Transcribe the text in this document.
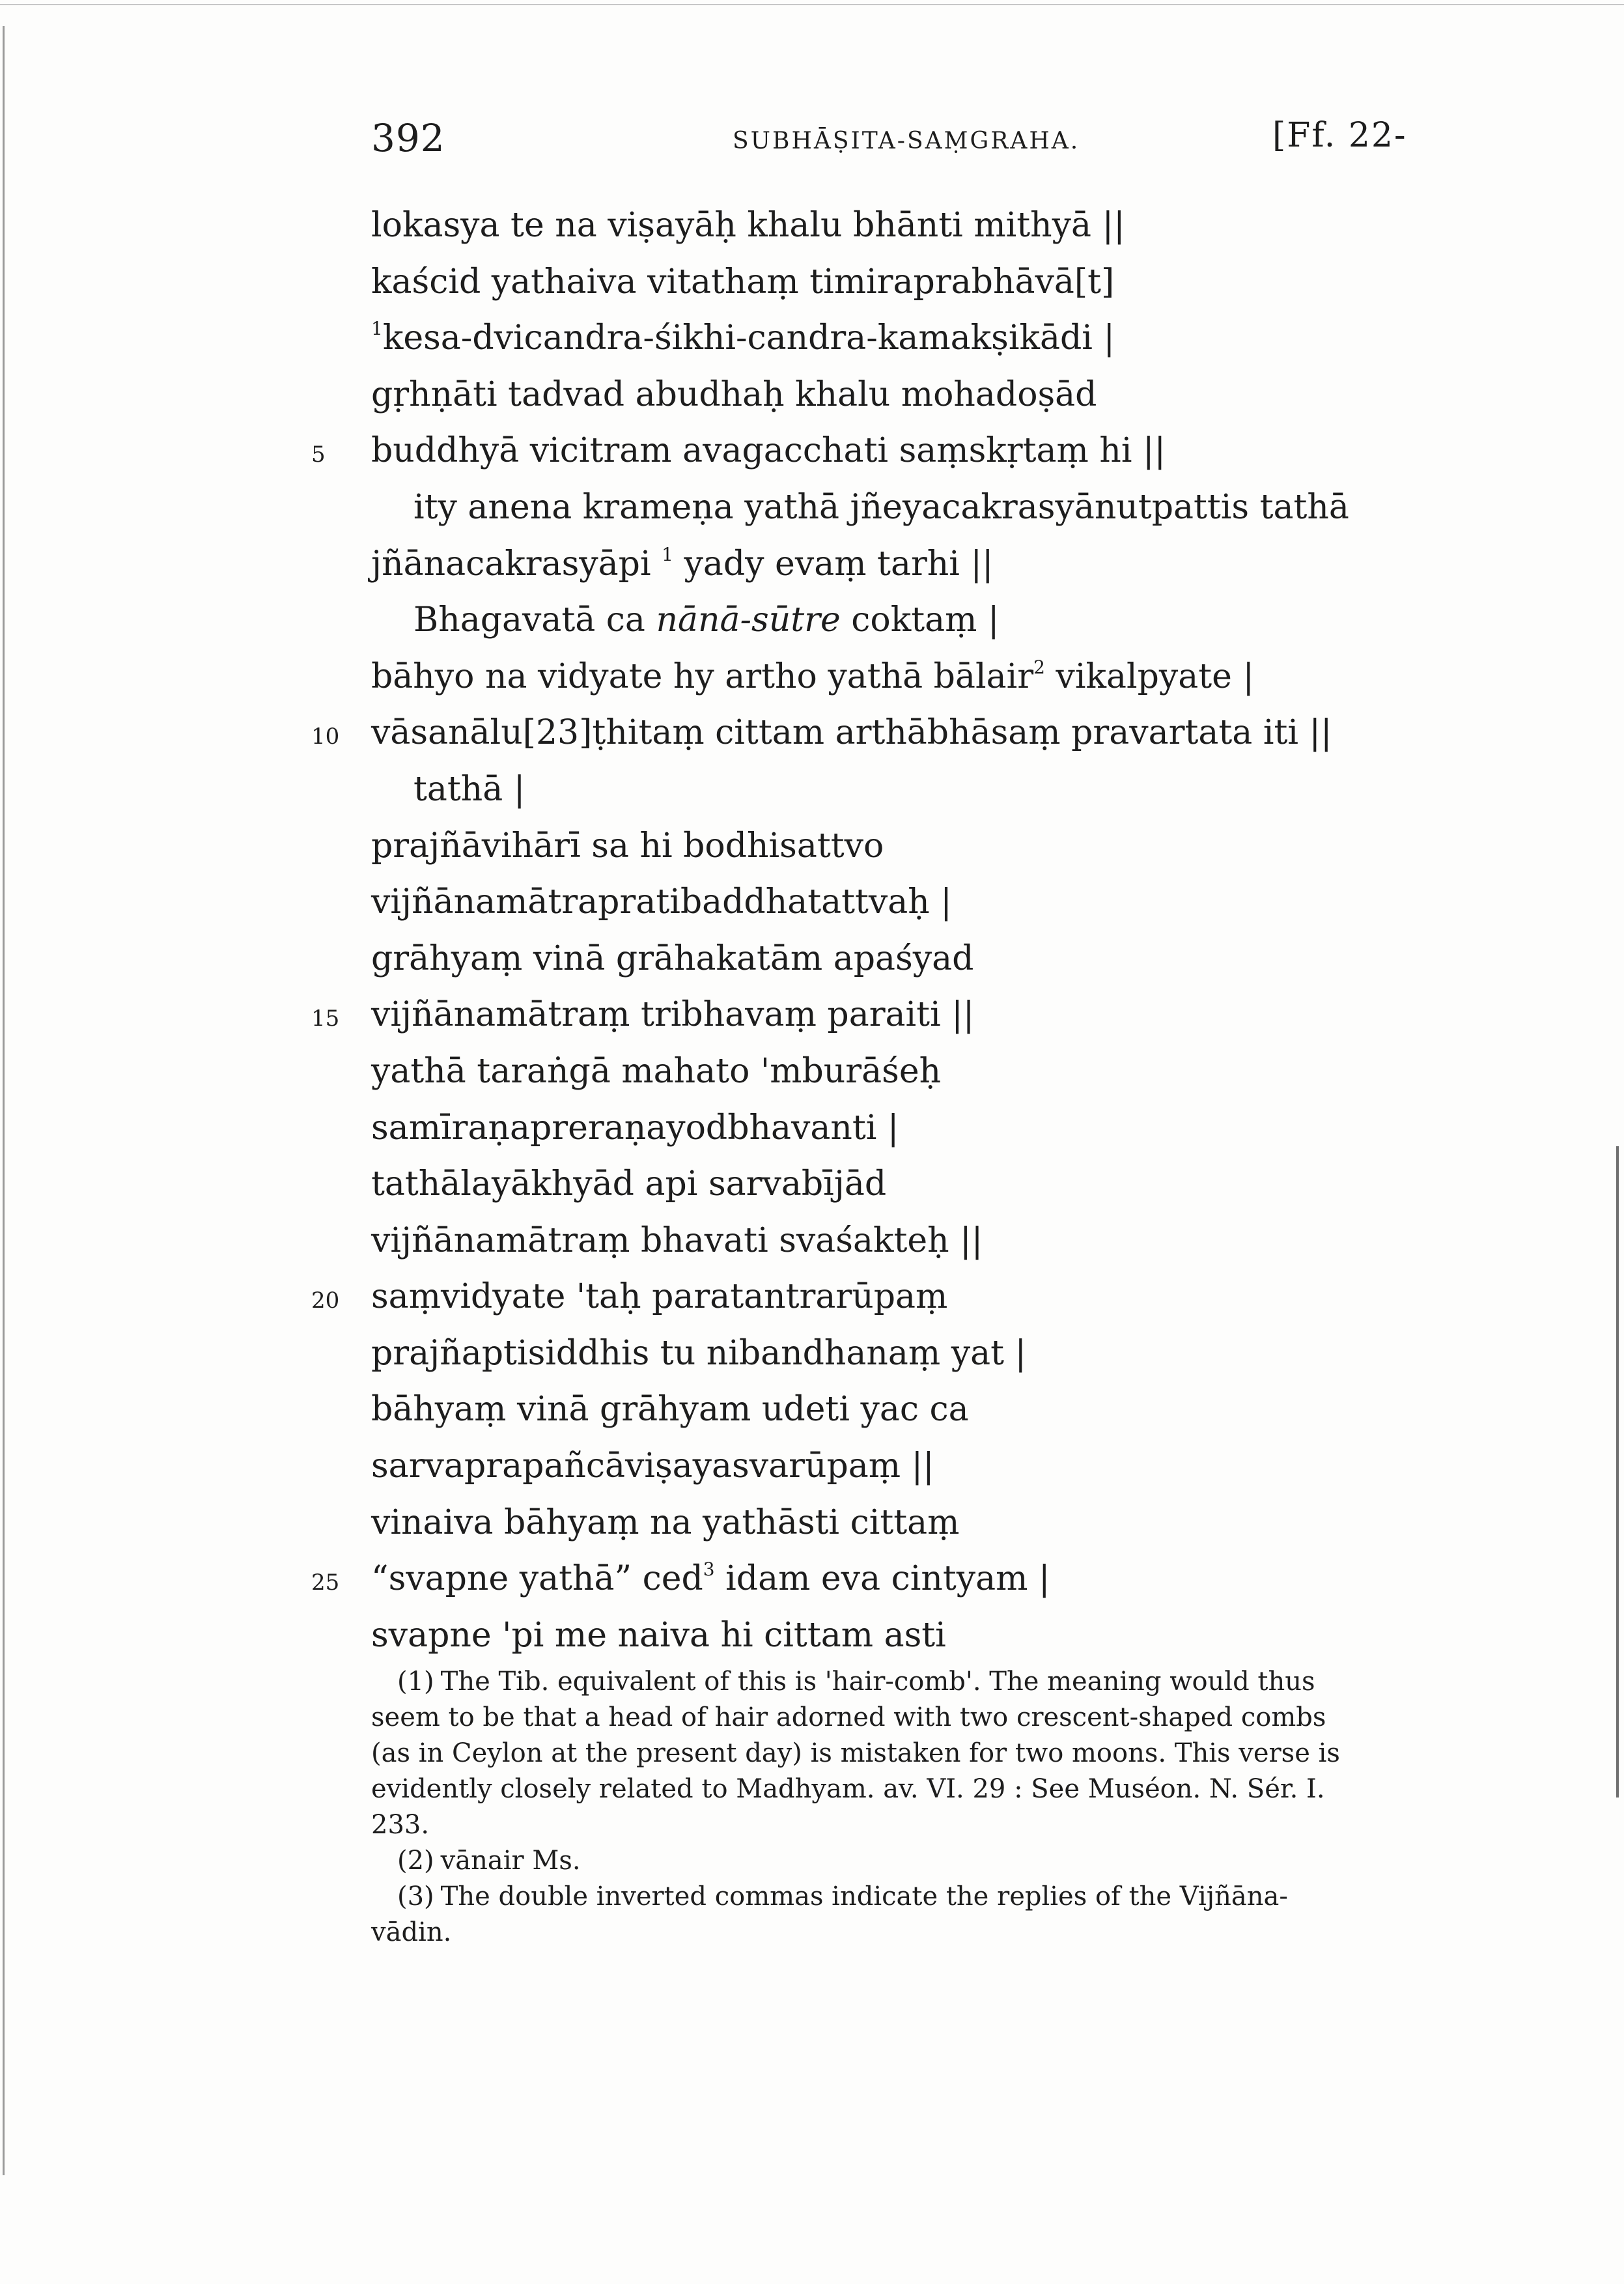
392	SUBHĀṢITA-SAṂGRAHA.	[Ff. 22-
lokasya te na viṣayāḥ khalu bhānti mithyā ||
kaścid yathaiva vitathaṃ timiraprabhāvā[t]
$^1$kesa-dvicandra-śikhi-candra-kamakṣikādi |
gṛhṇāti tadvad abudhaḥ khalu mohadoṣād
5	buddhyā vicitram avagacchati saṃskṛtaṃ hi ||
ity anena krameṇa yathā jñeyacakrasyānutpattis tathā
jñānacakrasyāpi $^1$ yady evaṃ tarhi ||
Bhagavatā ca nānā-sūtre coktaṃ |
bāhyo na vidyate hy artho yathā bālair$^2$ vikalpyate |
10 vāsanālu[23]ṭhitaṃ cittam arthābhāsaṃ pravartata iti ||
tathā |
prajñāvihārī sa hi bodhisattvo
vijñānamātrapratibaddhatattvaḥ |
grāhyaṃ vinā grāhakatām apaśyad
15 vijñānamātraṃ tribhavaṃ paraiti ||
yathā taraṅgā mahato 'mburāśeḥ
samīraṇapreraṇayodbhavanti |
tathālayākhyād api sarvabījād
vijñānamātraṃ bhavati svaśakteḥ ||
20 saṃvidyate 'taḥ paratantrarūpaṃ
prajñaptisiddhis tu nibandhanaṃ yat |
bāhyaṃ vinā grāhyam udeti yac ca
sarvaprapañcāviṣayasvarūpaṃ ||
vinaiva bāhyaṃ na yathāsti cittaṃ
25 “svapne yathā” ced$^3$ idam eva cintyam |
svapne 'pi me naiva hi cittam asti
(1) The Tib. equivalent of this is 'hair-comb'. The meaning would thus
seem to be that a head of hair adorned with two crescent-shaped combs
(as in Ceylon at the present day) is mistaken for two moons. This verse is
evidently closely related to Madhyam. av. VI. 29 : See Muséon. N. Sér. I.
233.
(2) vānair Ms.
(3) The double inverted commas indicate the replies of the Vijñāna-
vādin.
